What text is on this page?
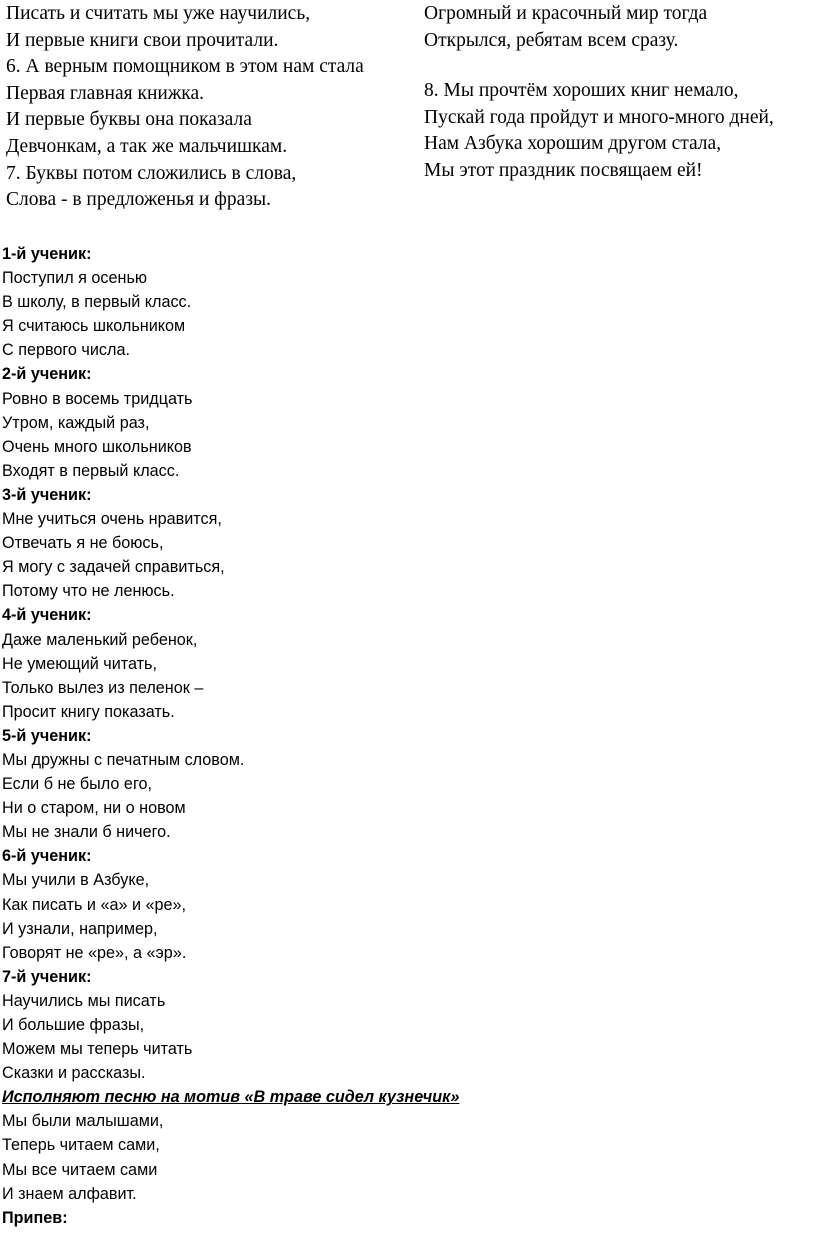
Писать и считать мы уже научились,
И первые книги свои прочитали.
6. А верным помощником в этом нам стала
Первая главная книжка.
И первые буквы она показала
Девчонкам, а так же мальчишкам.
7. Буквы потом сложились в слова,
Слова - в предложенья и фразы.
Огромный и красочный мир тогда
Открылся, ребятам всем сразу.
8. Мы прочтём хороших книг немало,
Пускай года пройдут и много-много дней,
Нам Азбука хорошим другом стала,
Мы этот праздник посвящаем ей!
1-й ученик:
Поступил я осенью
В школу, в первый класс.
Я считаюсь школьником
С первого числа.
2-й ученик:
Ровно в восемь тридцать
Утром, каждый раз,
Очень много школьников
Входят в первый класс.
3-й ученик:
Мне учиться очень нравится,
Отвечать я не боюсь,
Я могу с задачей справиться,
Потому что не ленюсь.
4-й ученик:
Даже маленький ребенок,
Не умеющий читать,
Только вылез из пеленок –
Просит книгу показать.
5-й ученик:
Мы дружны с печатным словом.
Если б не было его,
Ни о старом, ни о новом
Мы не знали б ничего.
6-й ученик:
Мы учили в Азбуке,
Как писать и «а» и «ре»,
И узнали, например,
Говорят не «ре», а «эр».
7-й ученик:
Научились мы писать
И большие фразы,
Можем мы теперь читать
Сказки и рассказы.
Исполняют песню на мотив «В траве сидел кузнечик»
Мы были малышами,
Теперь читаем сами,
Мы все читаем сами
И знаем алфавит.
Припев:
